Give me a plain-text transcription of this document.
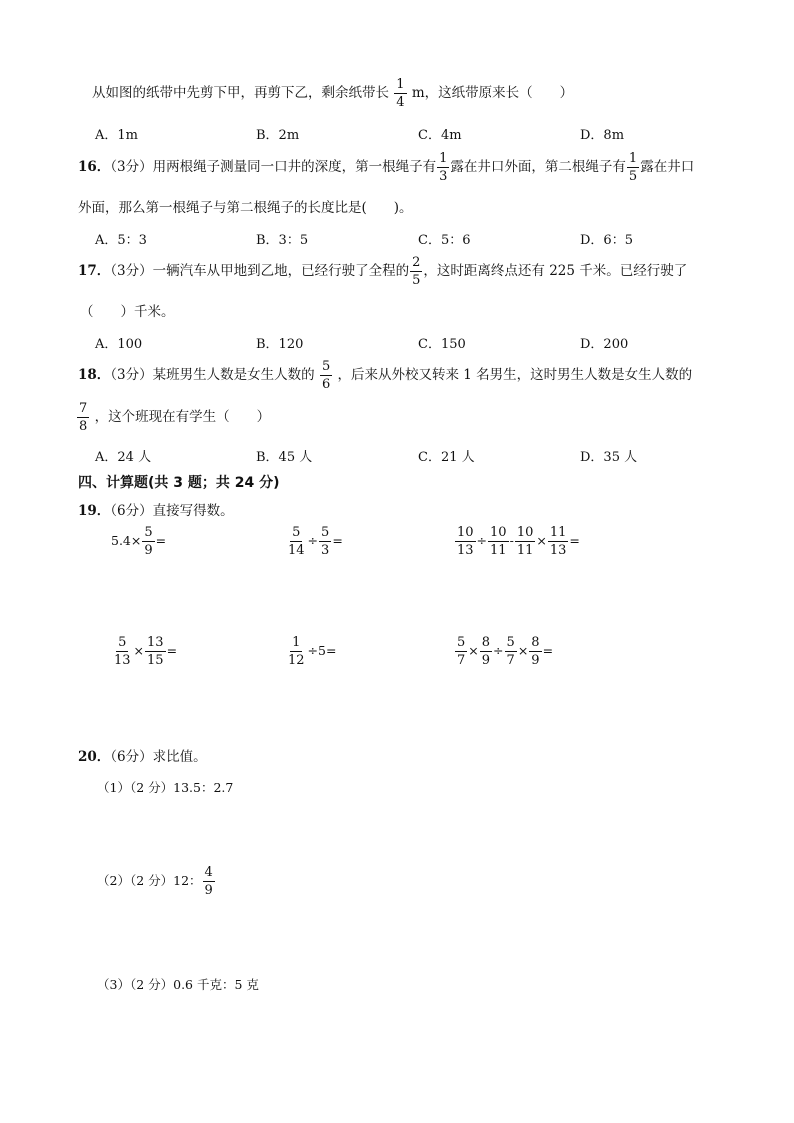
从如图的纸带中先剪下甲，再剪下乙，剩余纸带长 $\frac{1}{4}$ m，这纸带原来长（　　）
A．1m	B．2m	C．4m	D．8m
16．（3分）用两根绳子测量同一口井的深度，第一根绳子有 $\frac{1}{3}$ 露在井口外面，第二根绳子有 $\frac{1}{5}$ 露在井口
外面，那么第一根绳子与第二根绳子的长度比是(　　)。
A．5：3	B．3：5	C．5：6	D．6：5
17．（3分）一辆汽车从甲地到乙地，已经行驶了全程的 $\frac{2}{5}$ ，这时距离终点还有 225 千米。已经行驶了
（　　）千米。
A．100	B．120	C．150	D．200
18．（3分）某班男生人数是女生人数的 $\frac{5}{6}$ ，后来从外校又转来 1 名男生，这时男生人数是女生人数的
$\frac{7}{8}$ ，这个班现在有学生（　　）
A．24 人	B．45 人	C．21 人	D．35 人
四、计算题(共 3 题；共 24 分)
19．（6分）直接写得数。
$5.4\times \frac{5}{9}$ =	$\frac{5}{14} \div \frac{5}{3}$ =	$\frac{10}{13} \div \frac{10}{11} - \frac{10}{11} \times \frac{11}{13}$ =
$\frac{5}{13} \times \frac{13}{15}$ =	$\frac{1}{12} \div 5=$	$\frac{5}{7} \times \frac{8}{9} \div \frac{5}{7} \times \frac{8}{9}$ =
20．（6分）求比值。
（1）（2 分）13.5：2.7
（2）（2 分）12： $\frac{4}{9}$
（3）（2 分）0.6 千克：5 克
